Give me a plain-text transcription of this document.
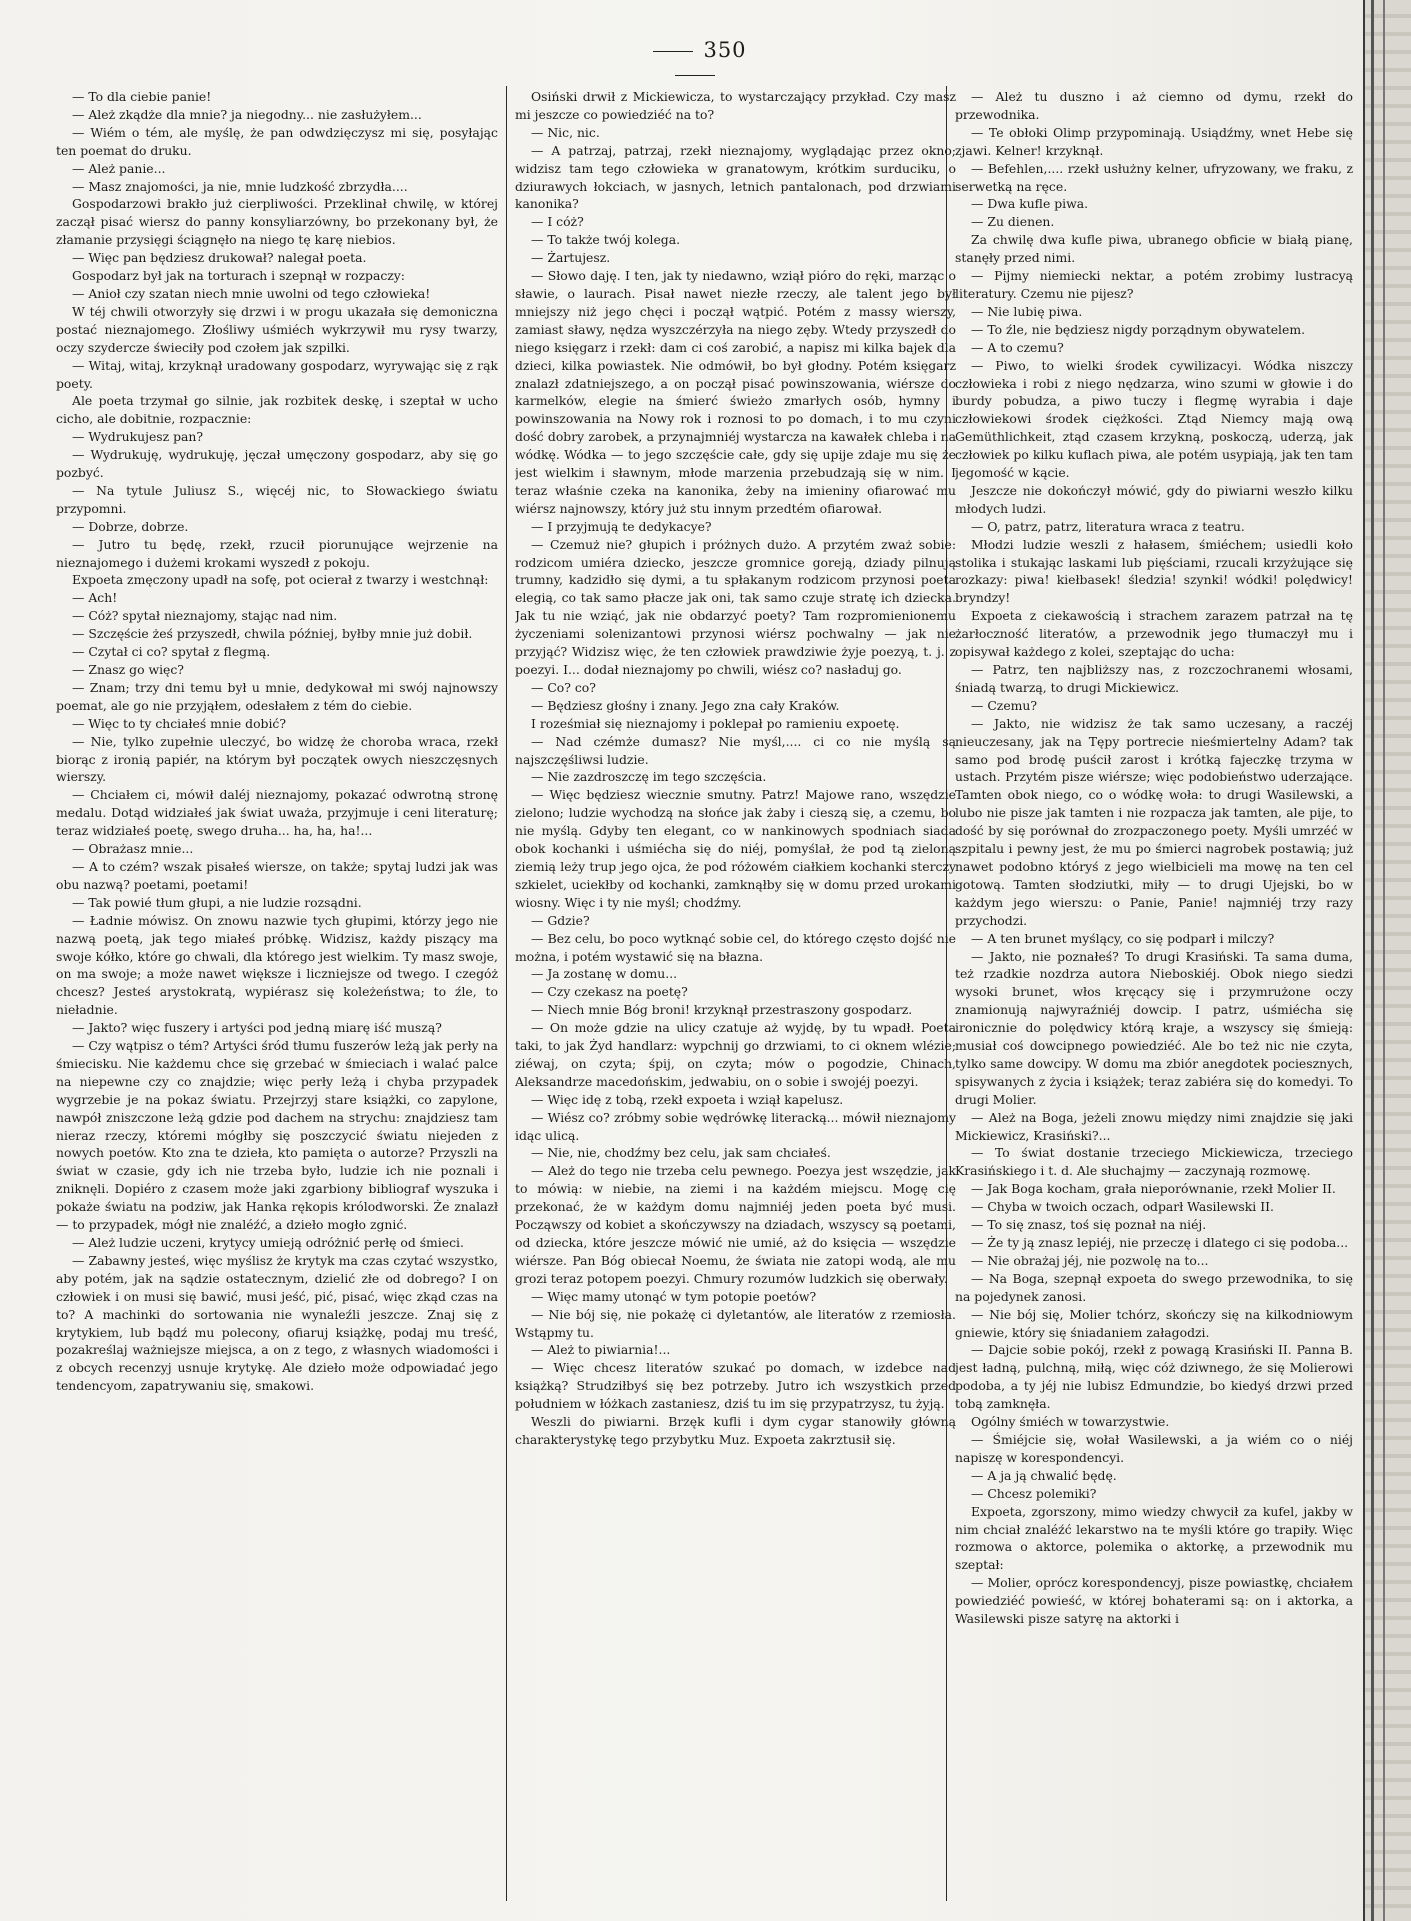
350

— To dla ciebie panie!

— Ależ zkądże dla mnie? ja niegodny... nie zasłużyłem...

— Wiém o tém, ale myślę, że pan odwdzięczysz mi się, posyłając ten poemat do druku.

— Ależ panie...

— Masz znajomości, ja nie, mnie ludzkość zbrzydła....

Gospodarzowi brakło już cierpliwości. Przeklinał chwilę, w której zaczął pisać wiersz do panny konsyliarzówny, bo przekonany był, że złamanie przysięgi ściągnęło na niego tę karę niebios.

— Więc pan będziesz drukował? nalegał poeta.

Gospodarz był jak na torturach i szepnął w rozpaczy:

— Anioł czy szatan niech mnie uwolni od tego człowieka!

W téj chwili otworzyły się drzwi i w progu ukazała się demoniczna postać nieznajomego. Złośliwy uśmiéch wykrzywił mu rysy twarzy, oczy szydercze świeciły pod czołem jak szpilki.

— Witaj, witaj, krzyknął uradowany gospodarz, wyrywając się z rąk poety.

Ale poeta trzymał go silnie, jak rozbitek deskę, i szeptał w ucho cicho, ale dobitnie, rozpacznie:

— Wydrukujesz pan?

— Wydrukuję, wydrukuję, jęczał umęczony gospodarz, aby się go pozbyć.

— Na tytule Juliusz S., więcéj nic, to Słowackiego światu przypomni.

— Dobrze, dobrze.

— Jutro tu będę, rzekł, rzucił piorunujące wejrzenie na nieznajomego i dużemi krokami wyszedł z pokoju.

Expoeta zmęczony upadł na sofę, pot ocierał z twarzy i westchnął:

— Ach!

— Cóż? spytał nieznajomy, stając nad nim.

— Szczęście żeś przyszedł, chwila później, byłby mnie już dobił.

— Czytał ci co? spytał z flegmą.

— Znasz go więc?

— Znam; trzy dni temu był u mnie, dedykował mi swój najnowszy poemat, ale go nie przyjąłem, odesłałem z tém do ciebie.

— Więc to ty chciałeś mnie dobić?

— Nie, tylko zupełnie uleczyć, bo widzę że choroba wraca, rzekł biorąc z ironią papiér, na którym był początek owych nieszczęsnych wierszy.

— Chciałem ci, mówił daléj nieznajomy, pokazać odwrotną stronę medalu. Dotąd widziałeś jak świat uważa, przyjmuje i ceni literaturę; teraz widziałeś poetę, swego druha... ha, ha, ha!...

— Obrażasz mnie...

— A to czém? wszak pisałeś wiersze, on także; spytaj ludzi jak was obu nazwą? poetami, poetami!

— Tak powié tłum głupi, a nie ludzie rozsądni.

— Ładnie mówisz. On znowu nazwie tych głupimi, którzy jego nie nazwą poetą, jak tego miałeś próbkę. Widzisz, każdy piszący ma swoje kółko, które go chwali, dla którego jest wielkim. Ty masz swoje, on ma swoje; a może nawet większe i liczniejsze od twego. I czegóż chcesz? Jesteś arystokratą, wypiérasz się koleżeństwa; to źle, to nieładnie.

— Jakto? więc fuszery i artyści pod jedną miarę iść muszą?

— Czy wątpisz o tém? Artyści śród tłumu fuszerów leżą jak perły na śmiecisku. Nie każdemu chce się grzebać w śmieciach i walać palce na niepewne czy co znajdzie; więc perły leżą i chyba przypadek wygrzebie je na pokaz światu. Przejrzyj stare książki, co zapylone, nawpół zniszczone leżą gdzie pod dachem na strychu: znajdziesz tam nieraz rzeczy, któremi mógłby się poszczycić światu niejeden z nowych poetów. Kto zna te dzieła, kto pamięta o autorze? Przyszli na świat w czasie, gdy ich nie trzeba było, ludzie ich nie poznali i zniknęli. Dopiéro z czasem może jaki zgarbiony bibliograf wyszuka i pokaże światu na podziw, jak Hanka rękopis królodworski. Że znalazł — to przypadek, mógł nie znaléźć, a dzieło mogło zgnić.

— Ależ ludzie uczeni, krytycy umieją odróżnić perłę od śmieci.

— Zabawny jesteś, więc myślisz że krytyk ma czas czytać wszystko, aby potém, jak na sądzie ostatecznym, dzielić złe od dobrego? I on człowiek i on musi się bawić, musi jeść, pić, pisać, więc zkąd czas na to? A machinki do sortowania nie wynaleźli jeszcze. Znaj się z krytykiem, lub bądź mu polecony, ofiaruj książkę, podaj mu treść, pozakreślaj ważniejsze miejsca, a on z tego, z własnych wiadomości i z obcych recenzyj usnuje krytykę. Ale dzieło może odpowiadać jego tendencyom, zapatrywaniu się, smakowi.

Osiński drwił z Mickiewicza, to wystarczający przykład. Czy masz mi jeszcze co powiedziéć na to?

— Nic, nic.

— A patrzaj, patrzaj, rzekł nieznajomy, wyglądając przez okno; widzisz tam tego człowieka w granatowym, krótkim surduciku, o dziurawych łokciach, w jasnych, letnich pantalonach, pod drzwiami kanonika?

— I cóż?

— To także twój kolega.

— Żartujesz.

— Słowo daję. I ten, jak ty niedawno, wziął pióro do ręki, marząc o sławie, o laurach. Pisał nawet niezłe rzeczy, ale talent jego był mniejszy niż jego chęci i począł wątpić. Potém z massy wierszy, zamiast sławy, nędza wyszczérzyła na niego zęby. Wtedy przyszedł do niego księgarz i rzekł: dam ci coś zarobić, a napisz mi kilka bajek dla dzieci, kilka powiastek. Nie odmówił, bo był głodny. Potém księgarz znalazł zdatniejszego, a on począł pisać powinszowania, wiérsze do karmelków, elegie na śmierć świeżo zmarłych osób, hymny i powinszowania na Nowy rok i roznosi to po domach, i to mu czyni dość dobry zarobek, a przynajmniéj wystarcza na kawałek chleba i na wódkę. Wódka — to jego szczęście całe, gdy się upije zdaje mu się że jest wielkim i sławnym, młode marzenia przebudzają się w nim. I teraz właśnie czeka na kanonika, żeby na imieniny ofiarować mu wiérsz najnowszy, który już stu innym przedtém ofiarował.

— I przyjmują te dedykacye?

— Czemuż nie? głupich i próżnych dużo. A przytém zważ sobie: rodzicom umiéra dziecko, jeszcze gromnice goreją, dziady pilnują trumny, kadzidło się dymi, a tu spłakanym rodzicom przynosi poeta elegią, co tak samo płacze jak oni, tak samo czuje stratę ich dziecka. Jak tu nie wziąć, jak nie obdarzyć poety? Tam rozpromienionemu życzeniami solenizantowi przynosi wiérsz pochwalny — jak nie przyjąć? Widzisz więc, że ten człowiek prawdziwie żyje poezyą, t. j. z poezyi. I... dodał nieznajomy po chwili, wiész co? nasładuj go.

— Co? co?

— Będziesz głośny i znany. Jego zna cały Kraków.

I roześmiał się nieznajomy i poklepał po ramieniu expoetę.

— Nad czémże dumasz? Nie myśl,.... ci co nie myślą są najszczęśliwsi ludzie.

— Nie zazdroszczę im tego szczęścia.

— Więc będziesz wiecznie smutny. Patrz! Majowe rano, wszędzie zielono; ludzie wychodzą na słońce jak żaby i cieszą się, a czemu, bo nie myślą. Gdyby ten elegant, co w nankinowych spodniach siada obok kochanki i uśmiécha się do niéj, pomyślał, że pod tą zieloną ziemią leży trup jego ojca, że pod różowém ciałkiem kochanki sterczy szkielet, uciekłby od kochanki, zamknąłby się w domu przed urokami wiosny. Więc i ty nie myśl; chodźmy.

— Gdzie?

— Bez celu, bo poco wytknąć sobie cel, do którego często dojść nie można, i potém wystawić się na błazna.

— Ja zostanę w domu...

— Czy czekasz na poetę?

— Niech mnie Bóg broni! krzyknął przestraszony gospodarz.

— On może gdzie na ulicy czatuje aż wyjdę, by tu wpadł. Poeta taki, to jak Żyd handlarz: wypchnij go drzwiami, to ci oknem wlézie; ziéwaj, on czyta; śpij, on czyta; mów o pogodzie, Chinach, Aleksandrze macedońskim, jedwabiu, on o sobie i swojéj poezyi.

— Więc idę z tobą, rzekł expoeta i wziął kapelusz.

— Wiész co? zróbmy sobie wędrówkę literacką... mówił nieznajomy idąc ulicą.

— Nie, nie, chodźmy bez celu, jak sam chciałeś.

— Ależ do tego nie trzeba celu pewnego. Poezya jest wszędzie, jak to mówią: w niebie, na ziemi i na każdém miejscu. Mogę cię przekonać, że w każdym domu najmniéj jeden poeta być musi. Począwszy od kobiet a skończywszy na dziadach, wszyscy są poetami, od dziecka, które jeszcze mówić nie umié, aż do księcia — wszędzie wiérsze. Pan Bóg obiecał Noemu, że świata nie zatopi wodą, ale mu grozi teraz potopem poezyi. Chmury rozumów ludzkich się oberwały.

— Więc mamy utonąć w tym potopie poetów?

— Nie bój się, nie pokażę ci dyletantów, ale literatów z rzemiosła. Wstąpmy tu.

— Ależ to piwiarnia!...

— Więc chcesz literatów szukać po domach, w izdebce nad książką? Strudziłbyś się bez potrzeby. Jutro ich wszystkich przed południem w łóżkach zastaniesz, dziś tu im się przypatrzysz, tu żyją.

Weszli do piwiarni. Brzęk kufli i dym cygar stanowiły główną charakterystykę tego przybytku Muz. Expoeta zakrztusił się.

— Ależ tu duszno i aż ciemno od dymu, rzekł do przewodnika.

— Te obłoki Olimp przypominają. Usiądźmy, wnet Hebe się zjawi. Kelner! krzyknął.

— Befehlen,.... rzekł usłużny kelner, ufryzowany, we fraku, z serwetką na ręce.

— Dwa kufle piwa.

— Zu dienen.

Za chwilę dwa kufle piwa, ubranego obficie w białą pianę, stanęły przed nimi.

— Pijmy niemiecki nektar, a potém zrobimy lustracyą literatury. Czemu nie pijesz?

— Nie lubię piwa.

— To źle, nie będziesz nigdy porządnym obywatelem.

— A to czemu?

— Piwo, to wielki środek cywilizacyi. Wódka niszczy człowieka i robi z niego nędzarza, wino szumi w głowie i do burdy pobudza, a piwo tuczy i flegmę wyrabia i daje człowiekowi środek ciężkości. Ztąd Niemcy mają ową Gemüthlichkeit, ztąd czasem krzykną, poskoczą, uderzą, jak człowiek po kilku kuflach piwa, ale potém usypiają, jak ten tam jegomość w kącie.

Jeszcze nie dokończył mówić, gdy do piwiarni weszło kilku młodych ludzi.

— O, patrz, patrz, literatura wraca z teatru.

Młodzi ludzie weszli z hałasem, śmiéchem; usiedli koło stolika i stukając laskami lub pięściami, rzucali krzyżujące się rozkazy: piwa! kiełbasek! śledzia! szynki! wódki! polędwicy! bryndzy!

Expoeta z ciekawością i strachem zarazem patrzał na tę żarłoczność literatów, a przewodnik jego tłumaczył mu i opisywał każdego z kolei, szeptając do ucha:

— Patrz, ten najbliższy nas, z rozczochranemi włosami, śniadą twarzą, to drugi Mickiewicz.

— Czemu?

— Jakto, nie widzisz że tak samo uczesany, a raczéj nieuczesany, jak na Tępy portrecie nieśmiertelny Adam? tak samo pod brodę puścił zarost i krótką fajeczkę trzyma w ustach. Przytém pisze wiérsze; więc podobieństwo uderzające. Tamten obok niego, co o wódkę woła: to drugi Wasilewski, a lubo nie pisze jak tamten i nie rozpacza jak tamten, ale pije, to dość by się porównał do zrozpaczonego poety. Myśli umrzéć w szpitalu i pewny jest, że mu po śmierci nagrobek postawią; już nawet podobno któryś z jego wielbicieli ma mowę na ten cel gotową. Tamten słodziutki, miły — to drugi Ujejski, bo w każdym jego wierszu: o Panie, Panie! najmniéj trzy razy przychodzi.

— A ten brunet myślący, co się podparł i milczy?

— Jakto, nie poznałeś? To drugi Krasiński. Ta sama duma, też rzadkie nozdrza autora Nieboskiéj. Obok niego siedzi wysoki brunet, włos kręcący się i przymrużone oczy znamionują najwyraźniéj dowcip. I patrz, uśmiécha się ironicznie do polędwicy którą kraje, a wszyscy się śmieją: musiał coś dowcipnego powiedziéć. Ale bo też nic nie czyta, tylko same dowcipy. W domu ma zbiór anegdotek pociesznych, spisywanych z życia i książek; teraz zabiéra się do komedyi. To drugi Molier.

— Ależ na Boga, jeżeli znowu między nimi znajdzie się jaki Mickiewicz, Krasiński?...

— To świat dostanie trzeciego Mickiewicza, trzeciego Krasińskiego i t. d. Ale słuchajmy — zaczynają rozmowę.

— Jak Boga kocham, grała nieporównanie, rzekł Molier II.

— Chyba w twoich oczach, odparł Wasilewski II.

— To się znasz, toś się poznał na niéj.

— Że ty ją znasz lepiéj, nie przeczę i dlatego ci się podoba...

— Nie obrażaj jéj, nie pozwolę na to...

— Na Boga, szepnął expoeta do swego przewodnika, to się na pojedynek zanosi.

— Nie bój się, Molier tchórz, skończy się na kilkodniowym gniewie, który się śniadaniem załagodzi.

— Dajcie sobie pokój, rzekł z powagą Krasiński II. Panna B. jest ładną, pulchną, miłą, więc cóż dziwnego, że się Molierowi podoba, a ty jéj nie lubisz Edmundzie, bo kiedyś drzwi przed tobą zamknęła.

Ogólny śmiéch w towarzystwie.

— Śmiéjcie się, wołał Wasilewski, a ja wiém co o niéj napiszę w korespondencyi.

— A ja ją chwalić będę.

— Chcesz polemiki?

Expoeta, zgorszony, mimo wiedzy chwycił za kufel, jakby w nim chciał znaléźć lekarstwo na te myśli które go trapiły. Więc rozmowa o aktorce, polemika o aktorkę, a przewodnik mu szeptał:

— Molier, oprócz korespondencyj, pisze powiastkę, chciałem powiedziéć powieść, w której bohaterami są: on i aktorka, a Wasilewski pisze satyrę na aktorki i
